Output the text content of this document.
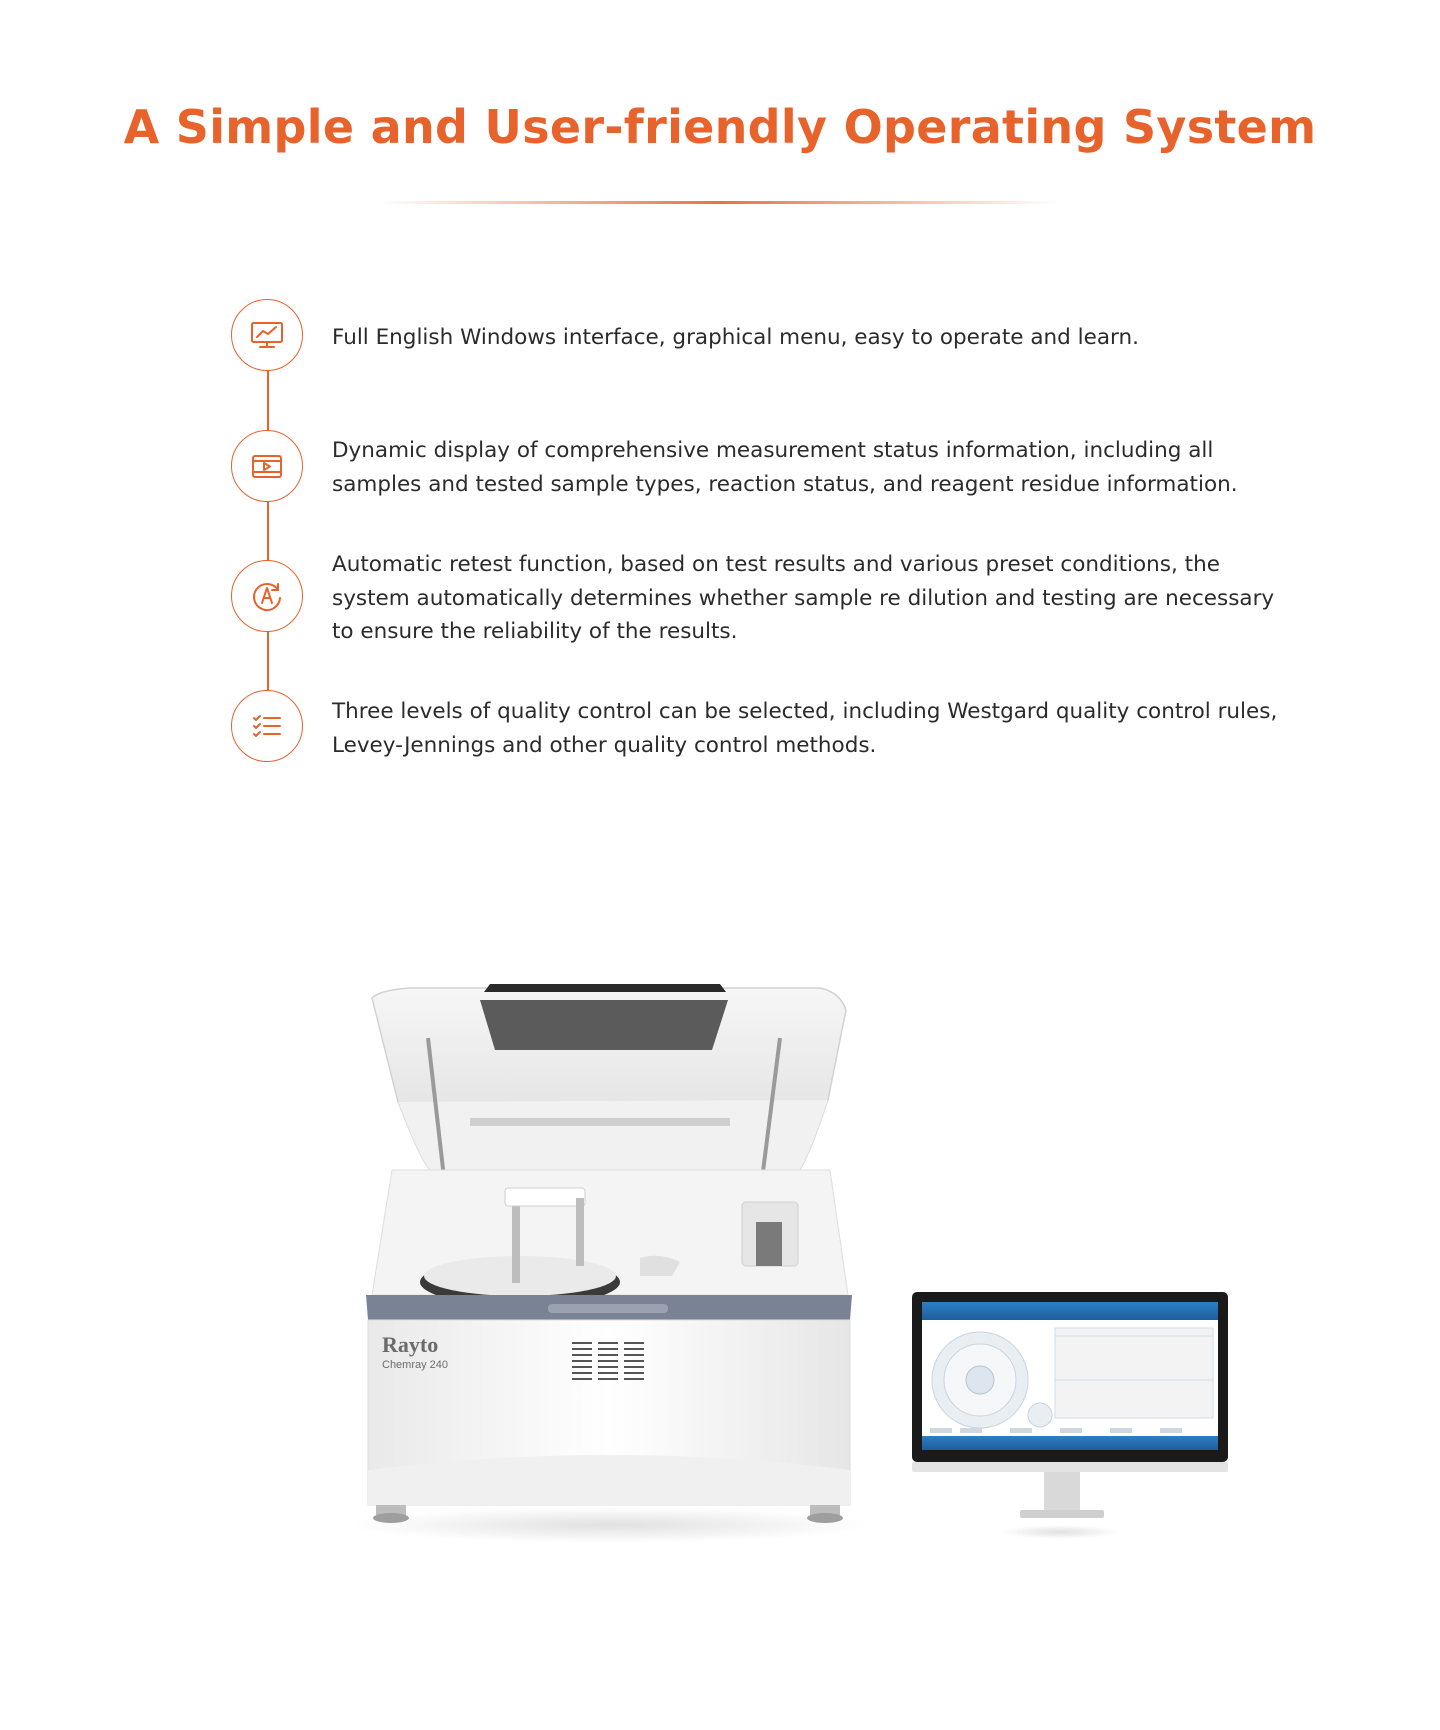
A Simple and User-friendly Operating System

Full English Windows interface, graphical menu, easy to operate and learn.

Dynamic display of comprehensive measurement status information, including all samples and tested sample types, reaction status, and reagent residue information.

Automatic retest function, based on test results and various preset conditions, the system automatically determines whether sample re dilution and testing are necessary to ensure the reliability of the results.

Three levels of quality control can be selected, including Westgard quality control rules, Levey-Jennings and other quality control methods.

Rayto
Chemray 240
